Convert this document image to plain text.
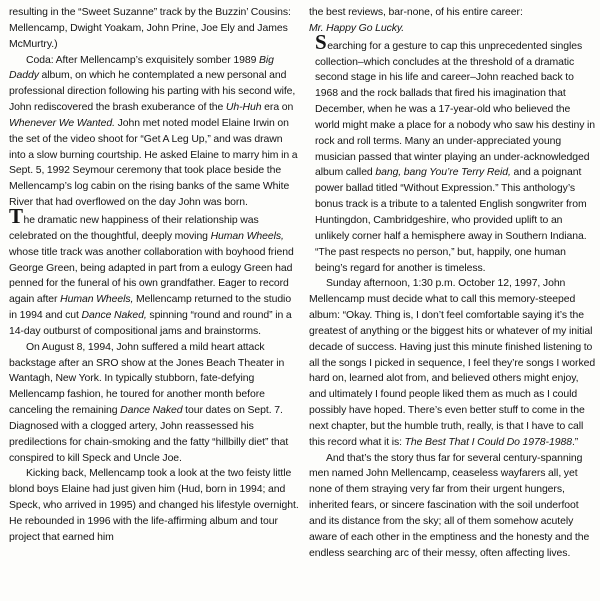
resulting in the “Sweet Suzanne” track by the Buzzin’ Cousins: Mellencamp, Dwight Yoakam, John Prine, Joe Ely and James McMurtry.)

Coda: After Mellencamp’s exquisitely somber 1989 Big Daddy album, on which he contemplated a new personal and professional direction following his parting with his second wife, John rediscovered the brash exuberance of the Uh-Huh era on Whenever We Wanted. John met noted model Elaine Irwin on the set of the video shoot for “Get A Leg Up,” and was drawn into a slow burning courtship. He asked Elaine to marry him in a Sept. 5, 1992 Seymour ceremony that took place beside the Mellencamp’s log cabin on the rising banks of the same White River that had overflowed on the day John was born.

The dramatic new happiness of their relationship was celebrated on the thoughtful, deeply moving Human Wheels, whose title track was another collaboration with boyhood friend George Green, being adapted in part from a eulogy Green had penned for the funeral of his own grandfather. Eager to record again after Human Wheels, Mellencamp returned to the studio in 1994 and cut Dance Naked, spinning “round and round” in a 14-day outburst of compositional jams and brainstorms.

On August 8, 1994, John suffered a mild heart attack backstage after an SRO show at the Jones Beach Theater in Wantagh, New York. In typically stubborn, fate-defying Mellencamp fashion, he toured for another month before canceling the remaining Dance Naked tour dates on Sept. 7. Diagnosed with a clogged artery, John reassessed his predilections for chain-smoking and the fatty “hillbilly diet” that conspired to kill Speck and Uncle Joe.

Kicking back, Mellencamp took a look at the two feisty little blond boys Elaine had just given him (Hud, born in 1994; and Speck, who arrived in 1995) and changed his lifestyle overnight. He rebounded in 1996 with the life-affirming album and tour project that earned him

the best reviews, bar-none, of his entire career:
Mr. Happy Go Lucky.

Searching for a gesture to cap this unprecedented singles collection–which concludes at the threshold of a dramatic second stage in his life and career–John reached back to 1968 and the rock ballads that fired his imagination that December, when he was a 17-year-old who believed the world might make a place for a nobody who saw his destiny in rock and roll terms. Many an under-appreciated young musician passed that winter playing an under-acknowledged album called bang, bang You’re Terry Reid, and a poignant power ballad titled “Without Expression.” This anthology’s bonus track is a tribute to a talented English songwriter from Huntingdon, Cambridgeshire, who provided uplift to an unlikely corner half a hemisphere away in Southern Indiana. “The past respects no person,” but, happily, one human being’s regard for another is timeless.

Sunday afternoon, 1:30 p.m. October 12, 1997, John Mellencamp must decide what to call this memory-steeped album: “Okay. Thing is, I don’t feel comfortable saying it’s the greatest of anything or the biggest hits or whatever of my initial decade of success. Having just this minute finished listening to all the songs I picked in sequence, I feel they’re songs I worked hard on, learned alot from, and believed others might enjoy, and ultimately I found people liked them as much as I could possibly have hoped. There’s even better stuff to come in the next chapter, but the humble truth, really, is that I have to call this record what it is: The Best That I Could Do 1978-1988.”

And that’s the story thus far for several century-spanning men named John Mellencamp, ceaseless wayfarers all, yet none of them straying very far from their urgent hungers, inherited fears, or sincere fascination with the soil underfoot and its distance from the sky; all of them somehow acutely aware of each other in the emptiness and the honesty and the endless searching arc of their messy, often affecting lives.
